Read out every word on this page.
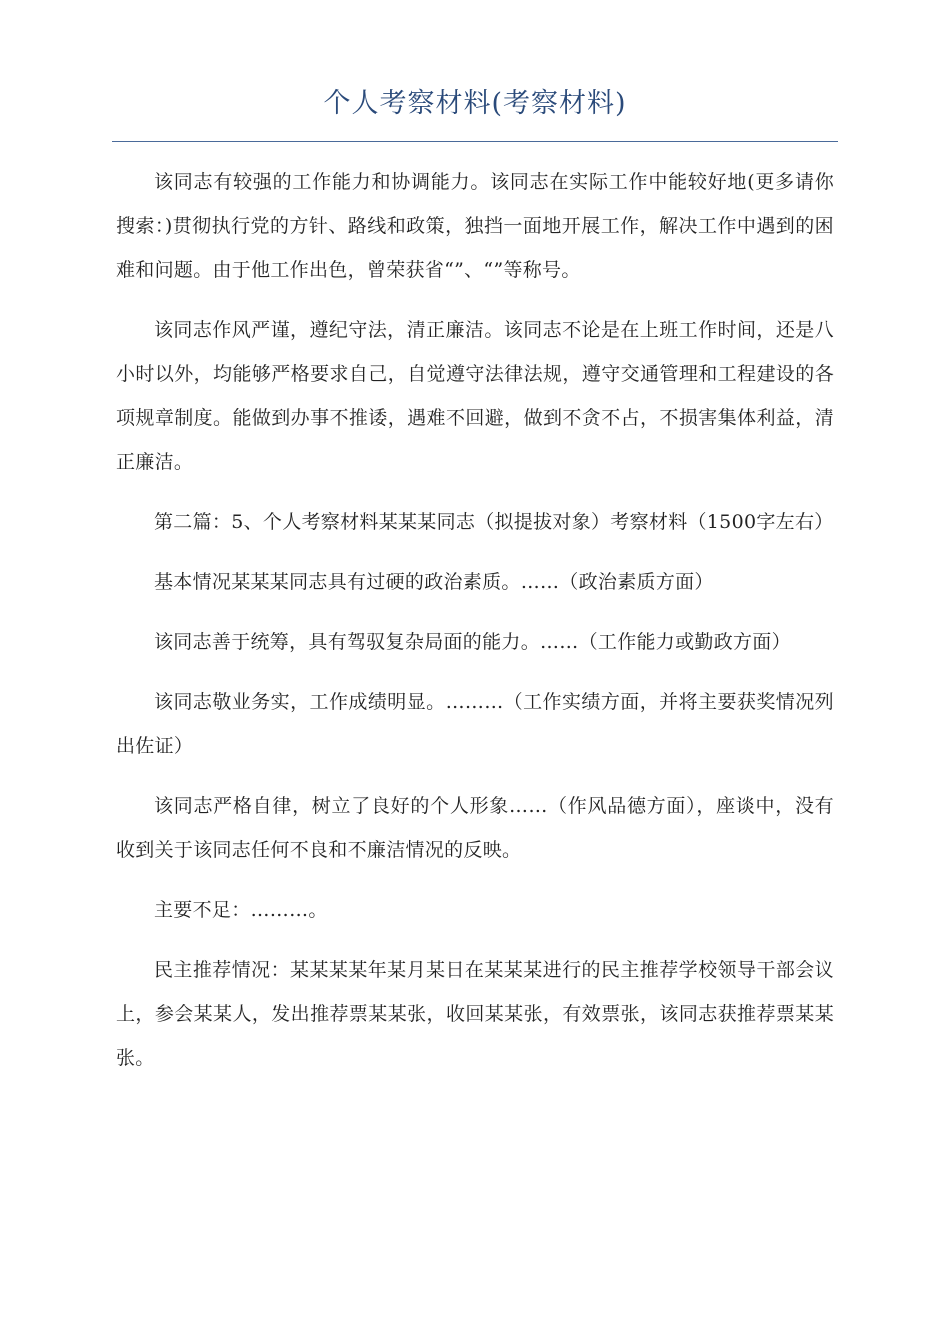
个人考察材料(考察材料)

该同志有较强的工作能力和协调能力。该同志在实际工作中能较好地(更多请你搜索：)贯彻执行党的方针、路线和政策，独挡一面地开展工作，解决工作中遇到的困难和问题。由于他工作出色，曾荣获省“”、“”等称号。

该同志作风严谨，遵纪守法，清正廉洁。该同志不论是在上班工作时间，还是八小时以外，均能够严格要求自己，自觉遵守法律法规，遵守交通管理和工程建设的各项规章制度。能做到办事不推诿，遇难不回避，做到不贪不占，不损害集体利益，清正廉洁。

第二篇：5、个人考察材料某某某同志（拟提拔对象）考察材料（1500字左右）

基本情况某某某同志具有过硬的政治素质。……（政治素质方面）

该同志善于统筹，具有驾驭复杂局面的能力。……（工作能力或勤政方面）

该同志敬业务实，工作成绩明显。………（工作实绩方面，并将主要获奖情况列出佐证）

该同志严格自律，树立了良好的个人形象……（作风品德方面），座谈中，没有收到关于该同志任何不良和不廉洁情况的反映。

主要不足：………。

民主推荐情况：某某某某年某月某日在某某某进行的民主推荐学校领导干部会议上，参会某某人，发出推荐票某某张，收回某某张，有效票张，该同志获推荐票某某张。
